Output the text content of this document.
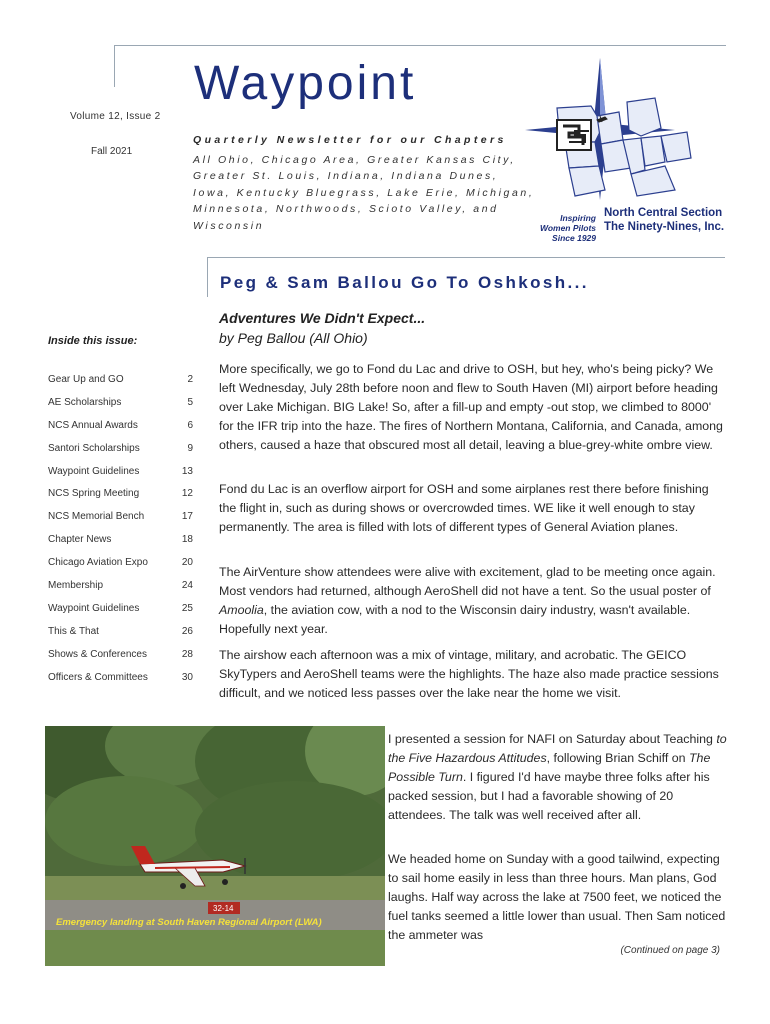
Volume 12, Issue 2
Fall 2021
Waypoint
Quarterly Newsletter for our Chapters
All Ohio, Chicago Area, Greater Kansas City, Greater St. Louis, Indiana, Indiana Dunes, Iowa, Kentucky Bluegrass, Lake Erie, Michigan, Minnesota, Northwoods, Scioto Valley, and Wisconsin
Inspiring Women Pilots Since 1929
North Central Section The Ninety-Nines, Inc.
Peg & Sam Ballou Go To Oshkosh...
Adventures We Didn't Expect...
by Peg Ballou (All Ohio)
Inside this issue:
Gear Up and GO	2
AE Scholarships	5
NCS Annual Awards	6
Santori Scholarships	9
Waypoint Guidelines	13
NCS Spring Meeting	12
NCS Memorial Bench	17
Chapter News	18
Chicago Aviation Expo	20
Membership	24
Waypoint Guidelines	25
This & That	26
Shows & Conferences	28
Officers & Committees	30

More specifically, we go to Fond du Lac and drive to OSH, but hey, who's being picky? We left Wednesday, July 28th before noon and flew to South Haven (MI) airport before heading over Lake Michigan. BIG Lake! So, after a fill-up and empty -out stop, we climbed to 8000' for the IFR trip into the haze. The fires of Northern Montana, California, and Canada, among others, caused a haze that obscured most all detail, leaving a blue-grey-white ombre view.

Fond du Lac is an overflow airport for OSH and some airplanes rest there before finishing the flight in, such as during shows or overcrowded times. WE like it well enough to stay permanently. The area is filled with lots of different types of General Aviation planes.

The AirVenture show attendees were alive with excitement, glad to be meeting once again. Most vendors had returned, although AeroShell did not have a tent. So the usual poster of Amoolia, the aviation cow, with a nod to the Wisconsin dairy industry, wasn't available. Hopefully next year.

The airshow each afternoon was a mix of vintage, military, and acrobatic. The GEICO SkyTypers and AeroShell teams were the highlights. The haze also made practice sessions difficult, and we noticed less passes over the lake near the home we visit.

I presented a session for NAFI on Saturday about Teaching to the Five Hazardous Attitudes, following Brian Schiff on The Possible Turn. I figured I'd have maybe three folks after his packed session, but I had a favorable showing of 20 attendees. The talk was well received after all.

We headed home on Sunday with a good tailwind, expecting to sail home easily in less than three hours. Man plans, God laughs. Half way across the lake at 7500 feet, we noticed the fuel tanks seemed a little lower than usual. Then Sam noticed the ammeter was

32-14
Emergency landing at South Haven Regional Airport (LWA)
(Continued on page 3)
